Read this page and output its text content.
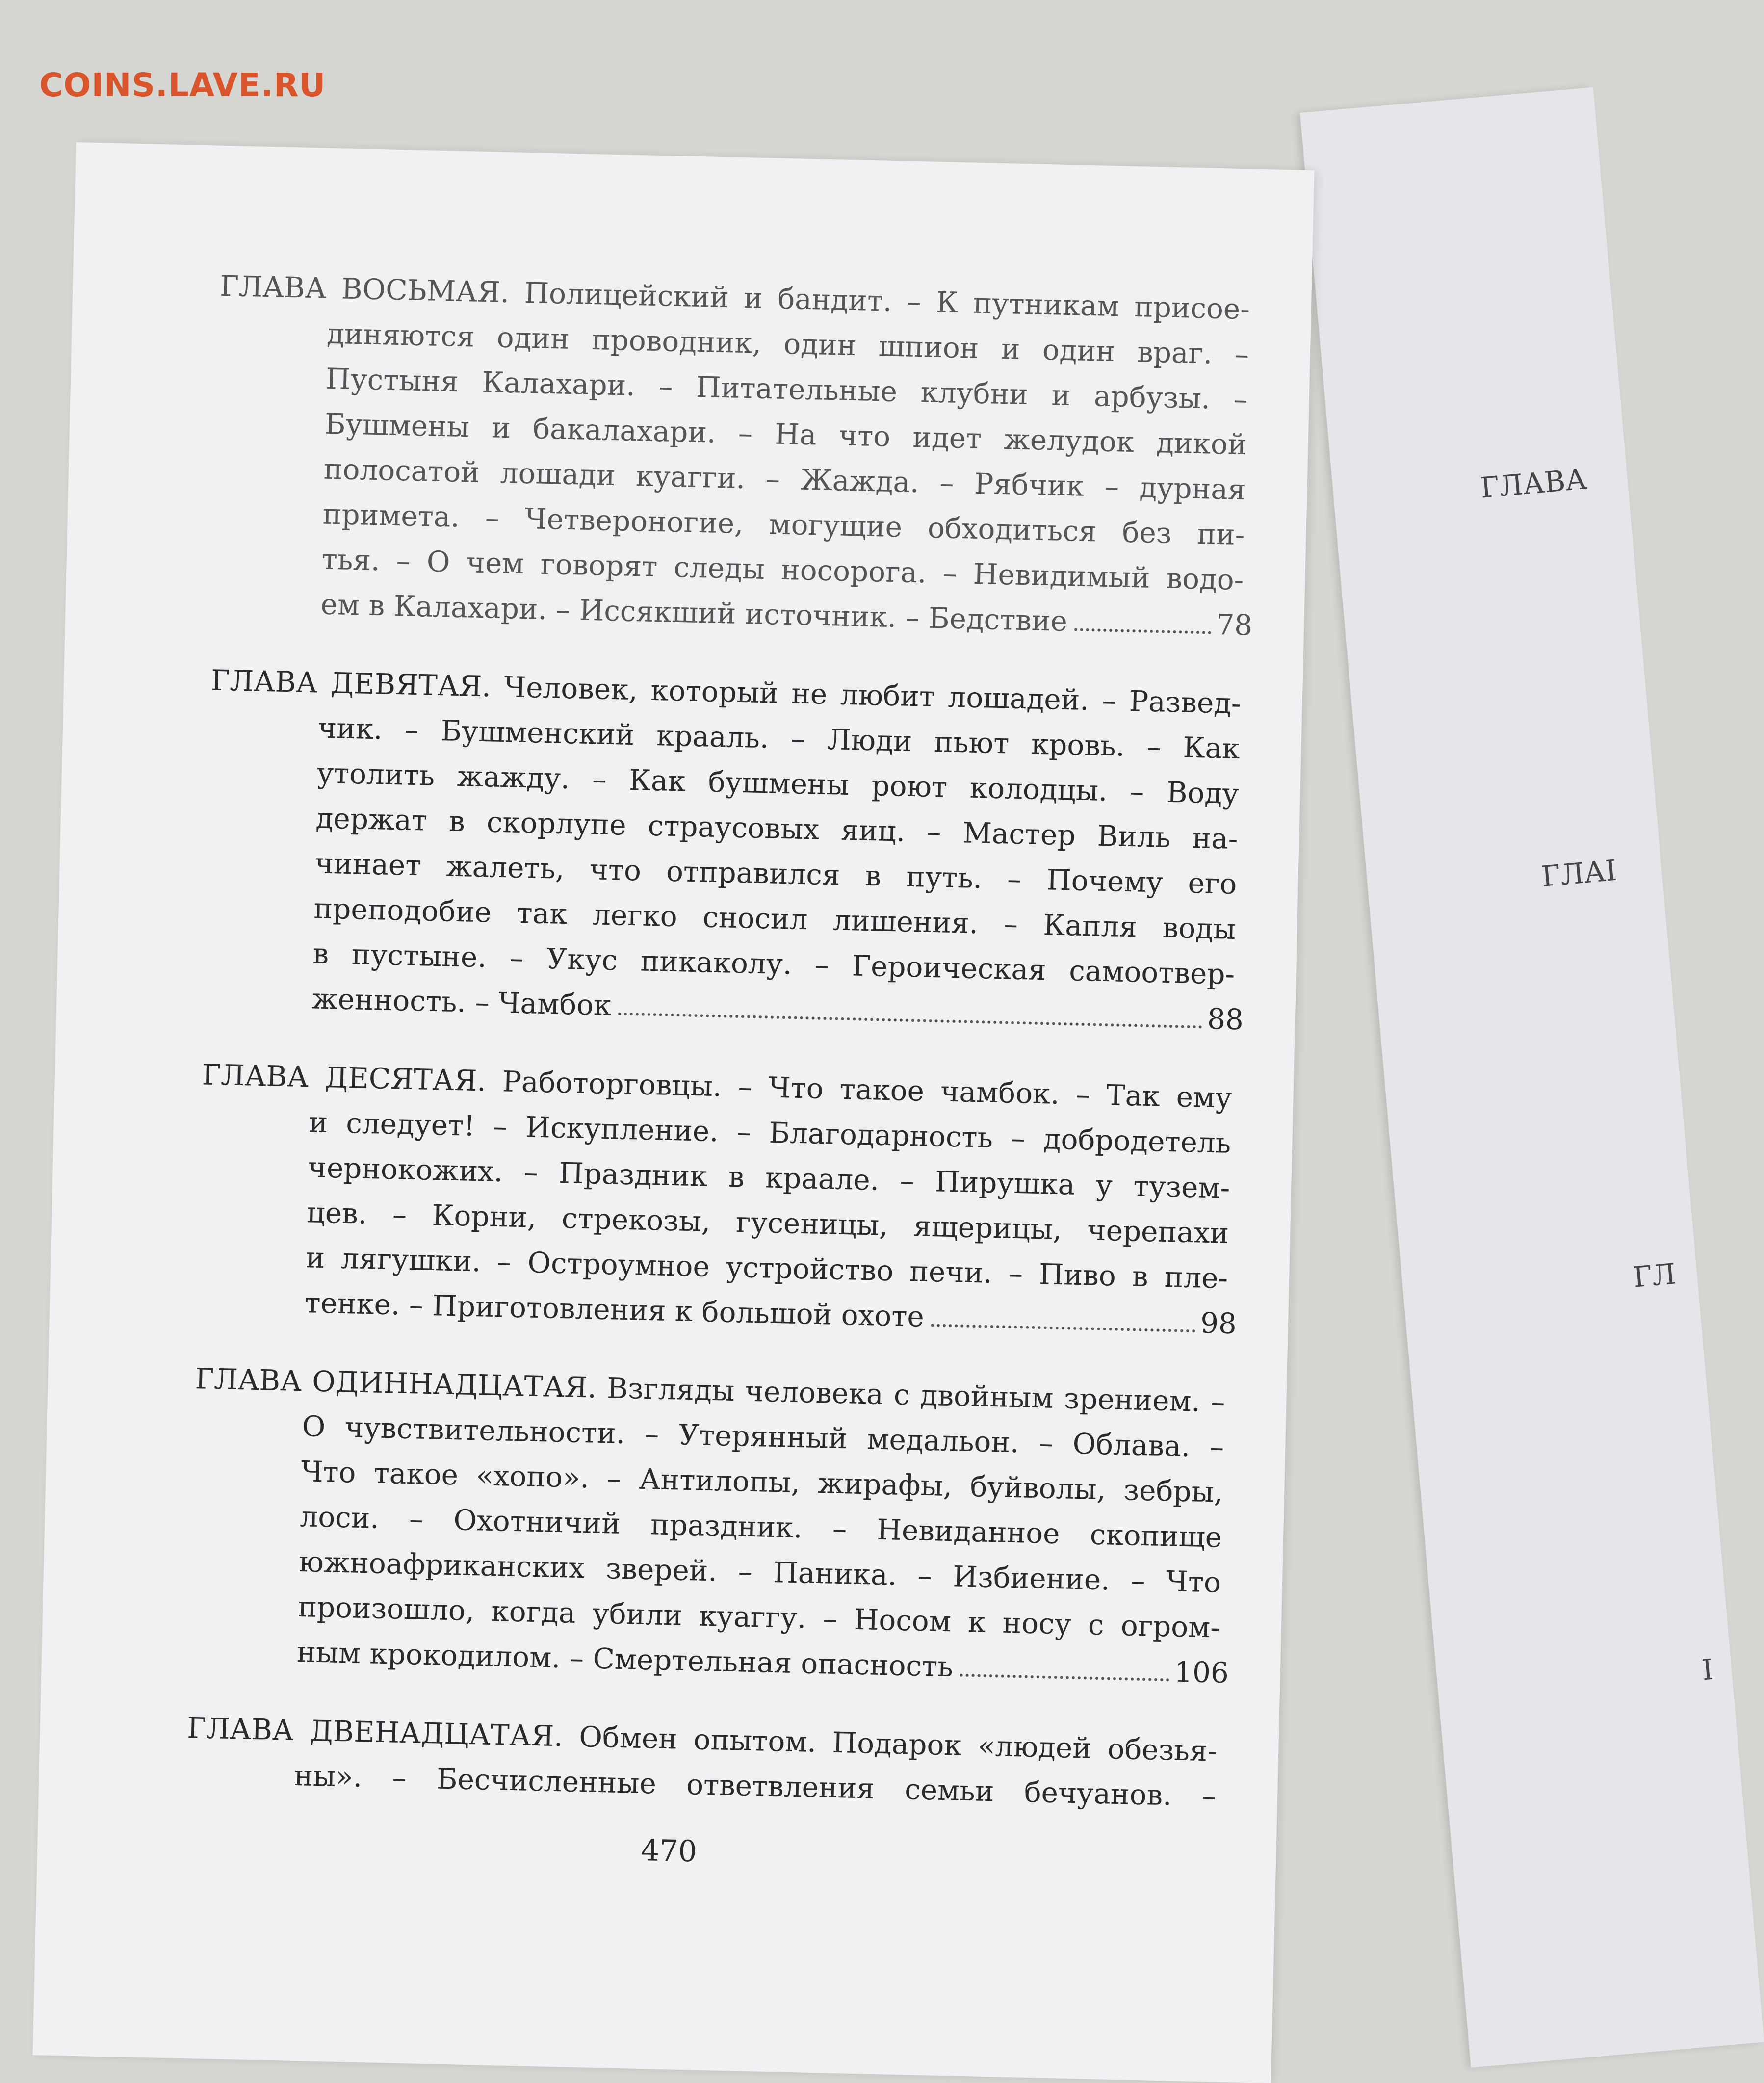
COINS.LAVE.RU
ГЛАВА
ГЛАІ
ГЛ
І
ГЛАВА ВОСЬМАЯ. Полицейский и бандит. – К путникам присое-
диняются один проводник, один шпион и один враг. –
Пустыня Калахари. – Питательные клубни и арбузы. –
Бушмены и бакалахари. – На что идет желудок дикой
полосатой лошади куагги. – Жажда. – Рябчик – дурная
примета. – Четвероногие, могущие обходиться без пи-
тья. – О чем говорят следы носорога. – Невидимый водо-
ем в Калахари. – Иссякший источник. – Бедствие	78
ГЛАВА ДЕВЯТАЯ. Человек, который не любит лошадей. – Развед-
чик. – Бушменский крааль. – Люди пьют кровь. – Как
утолить жажду. – Как бушмены роют колодцы. – Воду
держат в скорлупе страусовых яиц. – Мастер Виль на-
чинает жалеть, что отправился в путь. – Почему его
преподобие так легко сносил лишения. – Капля воды
в пустыне. – Укус пикаколу. – Героическая самоотвер-
женность. – Чамбок	88
ГЛАВА ДЕСЯТАЯ. Работорговцы. – Что такое чамбок. – Так ему
и следует! – Искупление. – Благодарность – добродетель
чернокожих. – Праздник в краале. – Пирушка у тузем-
цев. – Корни, стрекозы, гусеницы, ящерицы, черепахи
и лягушки. – Остроумное устройство печи. – Пиво в пле-
тенке. – Приготовления к большой охоте	98
ГЛАВА ОДИННАДЦАТАЯ. Взгляды человека с двойным зрением. –
О чувствительности. – Утерянный медальон. – Облава. –
Что такое «хопо». – Антилопы, жирафы, буйволы, зебры,
лоси. – Охотничий праздник. – Невиданное скопище
южноафриканских зверей. – Паника. – Избиение. – Что
произошло, когда убили куаггу. – Носом к носу с огром-
ным крокодилом. – Смертельная опасность	106
ГЛАВА ДВЕНАДЦАТАЯ. Обмен опытом. Подарок «людей обезья-
ны». – Бесчисленные ответвления семьи бечуанов. –
470
